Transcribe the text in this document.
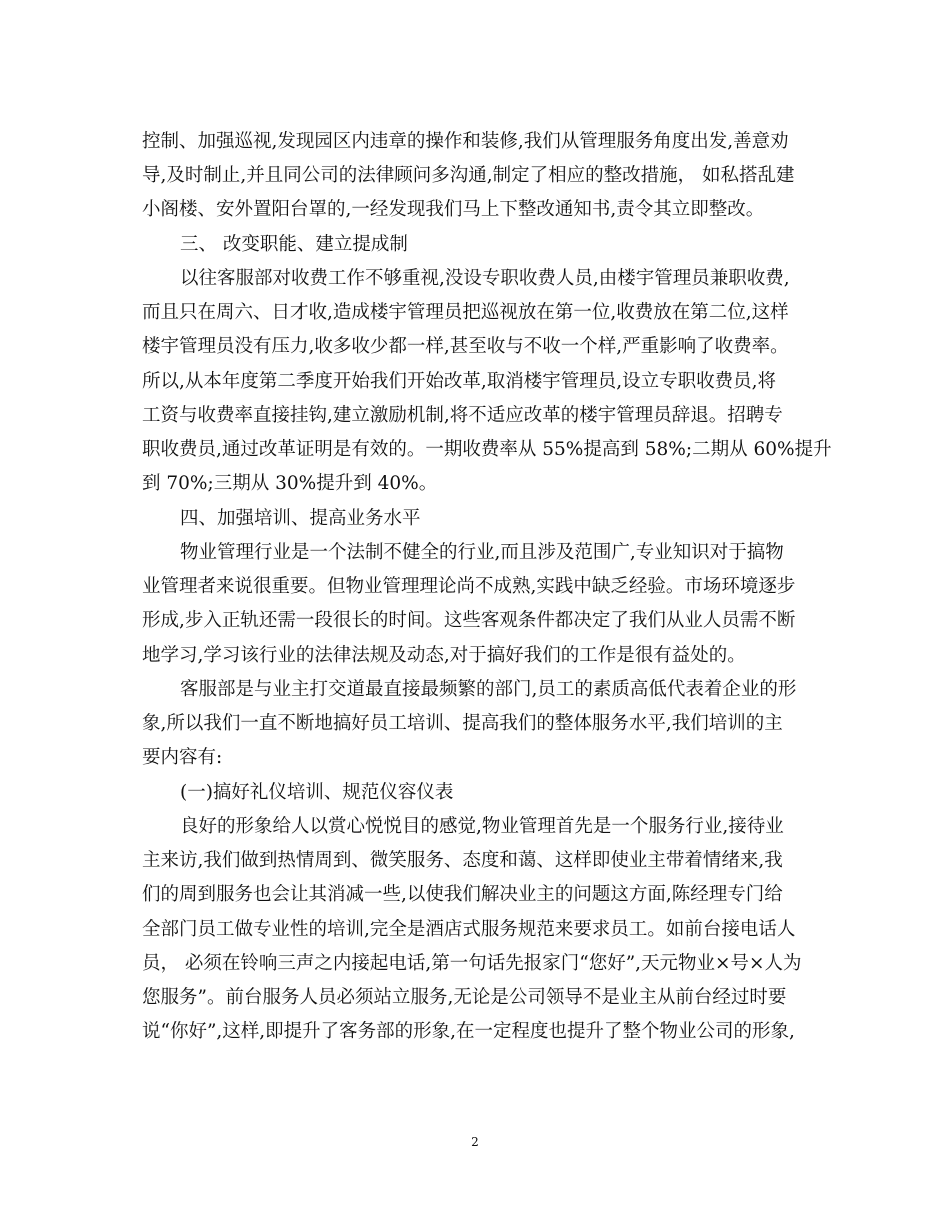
控制、加强巡视,发现园区内违章的操作和装修,我们从管理服务角度出发,善意劝

导,及时制止,并且同公司的法律顾问多沟通,制定了相应的整改措施， 如私搭乱建

小阁楼、安外置阳台罩的,一经发现我们马上下整改通知书,责令其立即整改。

三、 改变职能、建立提成制

以往客服部对收费工作不够重视,没设专职收费人员,由楼宇管理员兼职收费,

而且只在周六、日才收,造成楼宇管理员把巡视放在第一位,收费放在第二位,这样

楼宇管理员没有压力,收多收少都一样,甚至收与不收一个样,严重影响了收费率。

所以,从本年度第二季度开始我们开始改革,取消楼宇管理员,设立专职收费员,将

工资与收费率直接挂钩,建立激励机制,将不适应改革的楼宇管理员辞退。招聘专

职收费员,通过改革证明是有效的。一期收费率从 55%提高到 58%;二期从 60%提升

到 70%;三期从 30%提升到 40%。

四、加强培训、提高业务水平

物业管理行业是一个法制不健全的行业,而且涉及范围广,专业知识对于搞物

业管理者来说很重要。但物业管理理论尚不成熟,实践中缺乏经验。市场环境逐步

形成,步入正轨还需一段很长的时间。这些客观条件都决定了我们从业人员需不断

地学习,学习该行业的法律法规及动态,对于搞好我们的工作是很有益处的。

客服部是与业主打交道最直接最频繁的部门,员工的素质高低代表着企业的形

象,所以我们一直不断地搞好员工培训、提高我们的整体服务水平,我们培训的主

要内容有:

(一)搞好礼仪培训、规范仪容仪表

良好的形象给人以赏心悦悦目的感觉,物业管理首先是一个服务行业,接待业

主来访,我们做到热情周到、微笑服务、态度和蔼、这样即使业主带着情绪来,我

们的周到服务也会让其消减一些,以使我们解决业主的问题这方面,陈经理专门给

全部门员工做专业性的培训,完全是酒店式服务规范来要求员工。如前台接电话人

员， 必须在铃响三声之内接起电话,第一句话先报家门“您好”,天元物业×号×人为

您服务”。前台服务人员必须站立服务,无论是公司领导不是业主从前台经过时要

说“你好”,这样,即提升了客务部的形象,在一定程度也提升了整个物业公司的形象,

2
